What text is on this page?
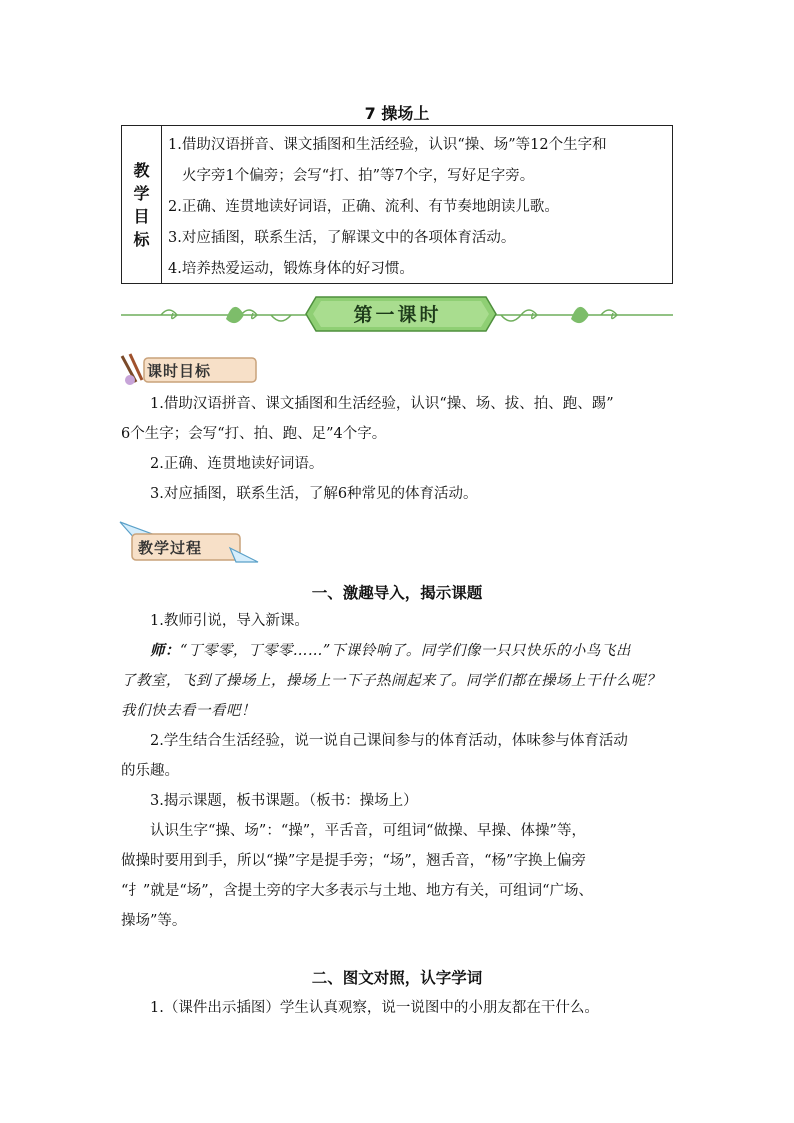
7 操场上
教
学
目
标
1.借助汉语拼音、课文插图和生活经验，认识“操、场”等12个生字和
火字旁1个偏旁；会写“打、拍”等7个字，写好足字旁。
2.正确、连贯地读好词语，正确、流利、有节奏地朗读儿歌。
3.对应插图，联系生活，了解课文中的各项体育活动。
4.培养热爱运动，锻炼身体的好习惯。
第一课时
课时目标

1.借助汉语拼音、课文插图和生活经验，认识“操、场、拔、拍、跑、踢”

6个生字；会写“打、拍、跑、足”4个字。

2.正确、连贯地读好词语。

3.对应插图，联系生活，了解6种常见的体育活动。

教学过程
一、激趣导入，揭示课题

1.教师引说，导入新课。

师：“丁零零，丁零零……”下课铃响了。同学们像一只只快乐的小鸟飞出

了教室，飞到了操场上，操场上一下子热闹起来了。同学们都在操场上干什么呢？

我们快去看一看吧！

2.学生结合生活经验，说一说自己课间参与的体育活动，体味参与体育活动

的乐趣。

3.揭示课题，板书课题。（板书：操场上）

认识生字“操、场”：“操”，平舌音，可组词“做操、早操、体操”等，

做操时要用到手，所以“操”字是提手旁；“场”，翘舌音，“杨”字换上偏旁

“扌”就是“场”，含提土旁的字大多表示与土地、地方有关，可组词“广场、

操场”等。

二、图文对照，认字学词

1.（课件出示插图）学生认真观察，说一说图中的小朋友都在干什么。
